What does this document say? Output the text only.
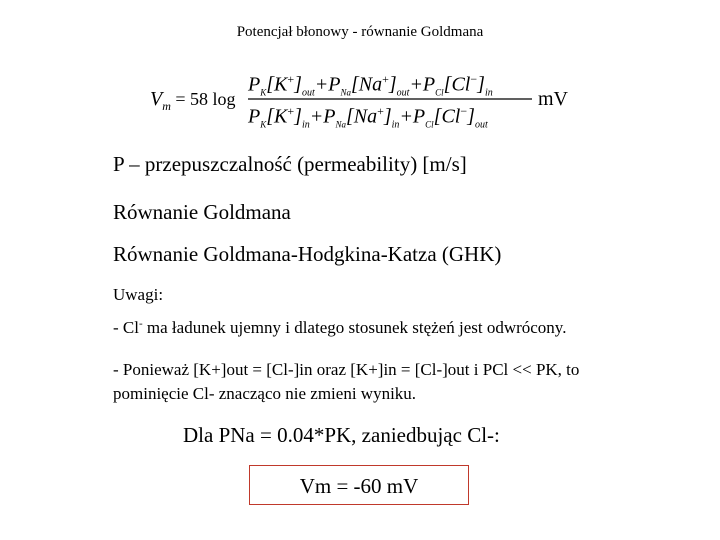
Potencjał błonowy - równanie Goldmana
$V_m = 58$ log
$P_K[K^+]_{out}+P_{Na}[Na^+]_{out}+P_{Cl}[Cl^-]_{in}$
$P_K[K^+]_{in}+P_{Na}[Na^+]_{in}+P_{Cl}[Cl^-]_{out}$
mV
P – przepuszczalność (permeability) [m/s]
Równanie Goldmana
Równanie Goldmana-Hodgkina-Katza (GHK)
Uwagi:
- Cl- ma ładunek ujemny i dlatego stosunek stężeń jest odwrócony.
- Ponieważ [K+]out = [Cl-]in oraz [K+]in = [Cl-]out i PCl << PK, to
pominięcie Cl- znacząco nie zmieni wyniku.
Dla PNa = 0.04*PK, zaniedbując Cl-:
Vm = -60 mV
